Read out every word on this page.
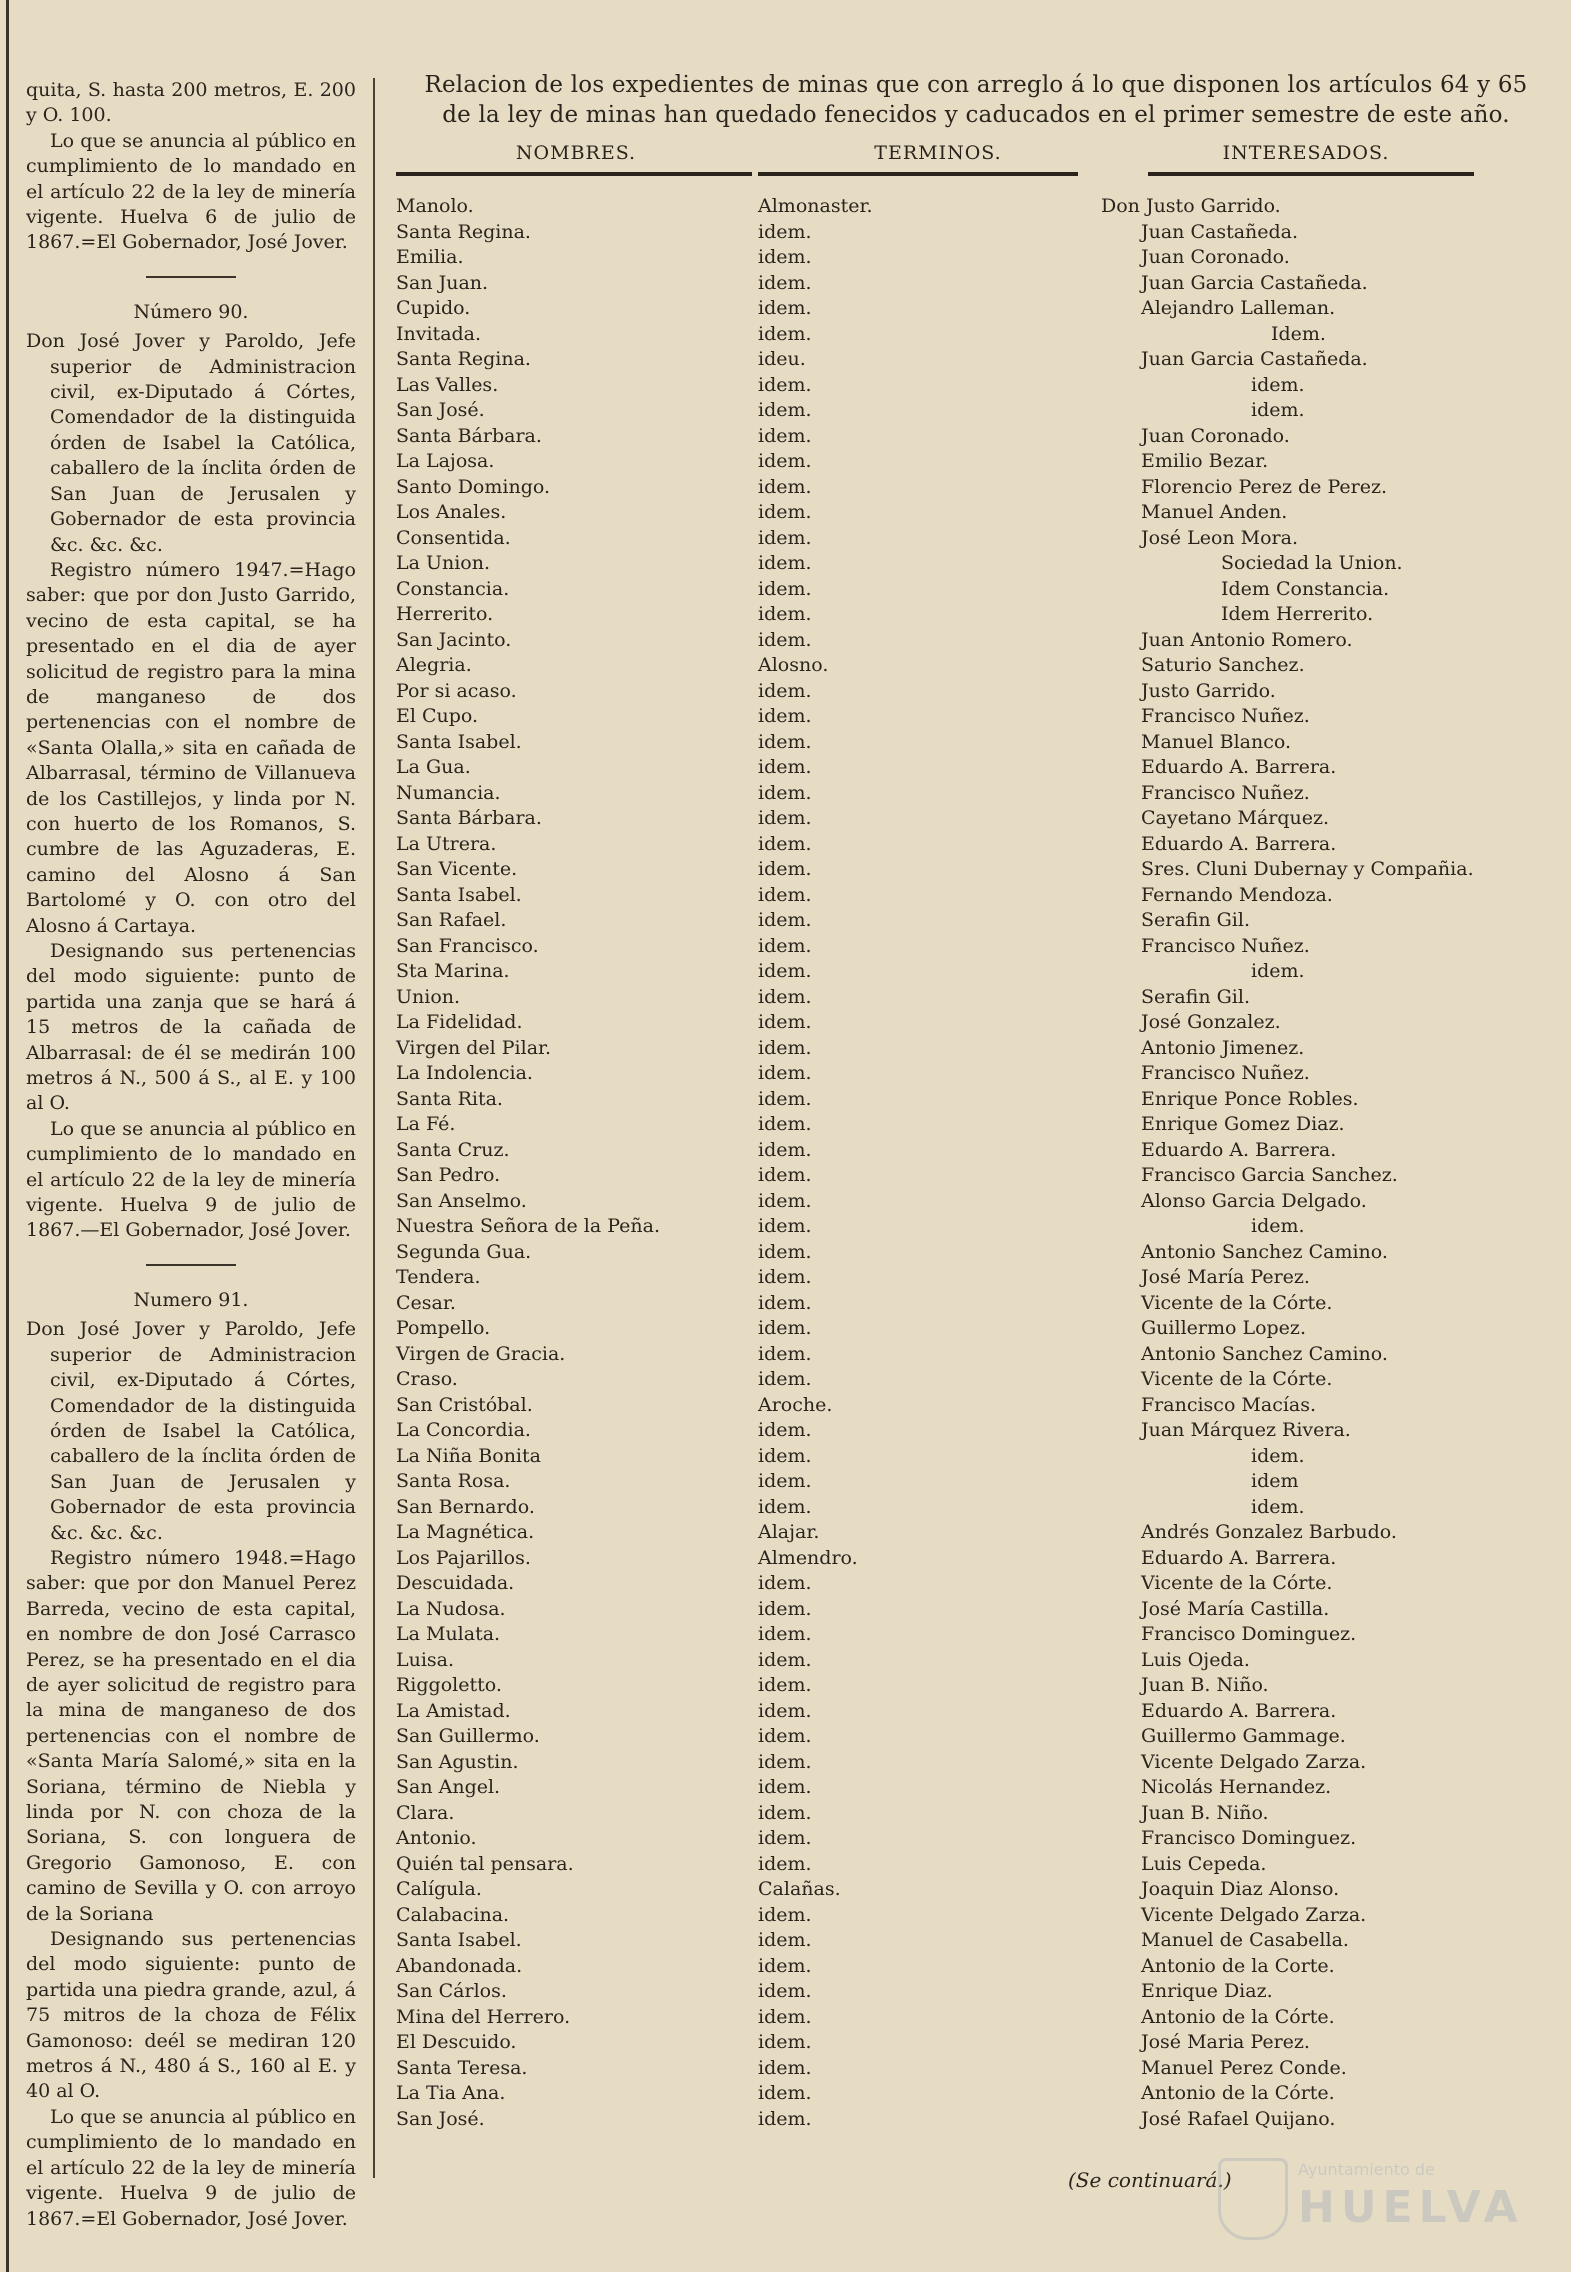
quita, S. hasta 200 metros, E. 200 y O. 100.

Lo que se anuncia al público en cumplimiento de lo mandado en el artículo 22 de la ley de minería vigente. Huelva 6 de julio de 1867.=El Gobernador, José Jover.

Número 90.

Don José Jover y Paroldo, Jefe superior de Administracion civil, ex-Diputado á Córtes, Comendador de la distinguida órden de Isabel la Católica, caballero de la ínclita órden de San Juan de Jerusalen y Gobernador de esta provincia &c. &c. &c.

Registro número 1947.=Hago saber: que por don Justo Garrido, vecino de esta capital, se ha presentado en el dia de ayer solicitud de registro para la mina de manganeso de dos pertenencias con el nombre de «Santa Olalla,» sita en cañada de Albarrasal, término de Villanueva de los Castillejos, y linda por N. con huerto de los Romanos, S. cumbre de las Aguzaderas, E. camino del Alosno á San Bartolomé y O. con otro del Alosno á Cartaya.

Designando sus pertenencias del modo siguiente: punto de partida una zanja que se hará á 15 metros de la cañada de Albarrasal: de él se medirán 100 metros á N., 500 á S., al E. y 100 al O.

Lo que se anuncia al público en cumplimiento de lo mandado en el artículo 22 de la ley de minería vigente. Huelva 9 de julio de 1867.—El Gobernador, José Jover.

Numero 91.

Don José Jover y Paroldo, Jefe superior de Administracion civil, ex-Diputado á Córtes, Comendador de la distinguida órden de Isabel la Católica, caballero de la ínclita órden de San Juan de Jerusalen y Gobernador de esta provincia &c. &c. &c.

Registro número 1948.=Hago saber: que por don Manuel Perez Barreda, vecino de esta capital, en nombre de don José Carrasco Perez, se ha presentado en el dia de ayer solicitud de registro para la mina de manganeso de dos pertenencias con el nombre de «Santa María Salomé,» sita en la Soriana, término de Niebla y linda por N. con choza de la Soriana, S. con longuera de Gregorio Gamonoso, E. con camino de Sevilla y O. con arroyo de la Soriana

Designando sus pertenencias del modo siguiente: punto de partida una piedra grande, azul, á 75 mitros de la choza de Félix Gamonoso: deél se mediran 120 metros á N., 480 á S., 160 al E. y 40 al O.

Lo que se anuncia al público en cumplimiento de lo mandado en el artículo 22 de la ley de minería vigente. Huelva 9 de julio de 1867.=El Gobernador, José Jover.

Relacion de los expedientes de minas que con arreglo á lo que disponen los artículos 64 y 65

de la ley de minas han quedado fenecidos y caducados en el primer semestre de este año.

NOMBRES.	TERMINOS.	INTERESADOS.
Manolo.	Almonaster.	Don Justo Garrido.
Santa Regina.	idem.	Juan Castañeda.
Emilia.	idem.	Juan Coronado.
San Juan.	idem.	Juan Garcia Castañeda.
Cupido.	idem.	Alejandro Lalleman.
Invitada.	idem.	Idem.
Santa Regina.	ideu.	Juan Garcia Castañeda.
Las Valles.	idem.	idem.
San José.	idem.	idem.
Santa Bárbara.	idem.	Juan Coronado.
La Lajosa.	idem.	Emilio Bezar.
Santo Domingo.	idem.	Florencio Perez de Perez.
Los Anales.	idem.	Manuel Anden.
Consentida.	idem.	José Leon Mora.
La Union.	idem.	Sociedad la Union.
Constancia.	idem.	Idem Constancia.
Herrerito.	idem.	Idem Herrerito.
San Jacinto.	idem.	Juan Antonio Romero.
Alegria.	Alosno.	Saturio Sanchez.
Por si acaso.	idem.	Justo Garrido.
El Cupo.	idem.	Francisco Nuñez.
Santa Isabel.	idem.	Manuel Blanco.
La Gua.	idem.	Eduardo A. Barrera.
Numancia.	idem.	Francisco Nuñez.
Santa Bárbara.	idem.	Cayetano Márquez.
La Utrera.	idem.	Eduardo A. Barrera.
San Vicente.	idem.	Sres. Cluni Dubernay y Compañia.
Santa Isabel.	idem.	Fernando Mendoza.
San Rafael.	idem.	Serafin Gil.
San Francisco.	idem.	Francisco Nuñez.
Sta Marina.	idem.	idem.
Union.	idem.	Serafin Gil.
La Fidelidad.	idem.	José Gonzalez.
Virgen del Pilar.	idem.	Antonio Jimenez.
La Indolencia.	idem.	Francisco Nuñez.
Santa Rita.	idem.	Enrique Ponce Robles.
La Fé.	idem.	Enrique Gomez Diaz.
Santa Cruz.	idem.	Eduardo A. Barrera.
San Pedro.	idem.	Francisco Garcia Sanchez.
San Anselmo.	idem.	Alonso Garcia Delgado.
Nuestra Señora de la Peña.	idem.	idem.
Segunda Gua.	idem.	Antonio Sanchez Camino.
Tendera.	idem.	José María Perez.
Cesar.	idem.	Vicente de la Córte.
Pompello.	idem.	Guillermo Lopez.
Virgen de Gracia.	idem.	Antonio Sanchez Camino.
Craso.	idem.	Vicente de la Córte.
San Cristóbal.	Aroche.	Francisco Macías.
La Concordia.	idem.	Juan Márquez Rivera.
La Niña Bonita	idem.	idem.
Santa Rosa.	idem.	idem
San Bernardo.	idem.	idem.
La Magnética.	Alajar.	Andrés Gonzalez Barbudo.
Los Pajarillos.	Almendro.	Eduardo A. Barrera.
Descuidada.	idem.	Vicente de la Córte.
La Nudosa.	idem.	José María Castilla.
La Mulata.	idem.	Francisco Dominguez.
Luisa.	idem.	Luis Ojeda.
Riggoletto.	idem.	Juan B. Niño.
La Amistad.	idem.	Eduardo A. Barrera.
San Guillermo.	idem.	Guillermo Gammage.
San Agustin.	idem.	Vicente Delgado Zarza.
San Angel.	idem.	Nicolás Hernandez.
Clara.	idem.	Juan B. Niño.
Antonio.	idem.	Francisco Dominguez.
Quién tal pensara.	idem.	Luis Cepeda.
Calígula.	Calañas.	Joaquin Diaz Alonso.
Calabacina.	idem.	Vicente Delgado Zarza.
Santa Isabel.	idem.	Manuel de Casabella.
Abandonada.	idem.	Antonio de la Corte.
San Cárlos.	idem.	Enrique Diaz.
Mina del Herrero.	idem.	Antonio de la Córte.
El Descuido.	idem.	José Maria Perez.
Santa Teresa.	idem.	Manuel Perez Conde.
La Tia Ana.	idem.	Antonio de la Córte.
San José.	idem.	José Rafael Quijano.
(Se continuará.)	Ayuntamiento de
HUELVA
